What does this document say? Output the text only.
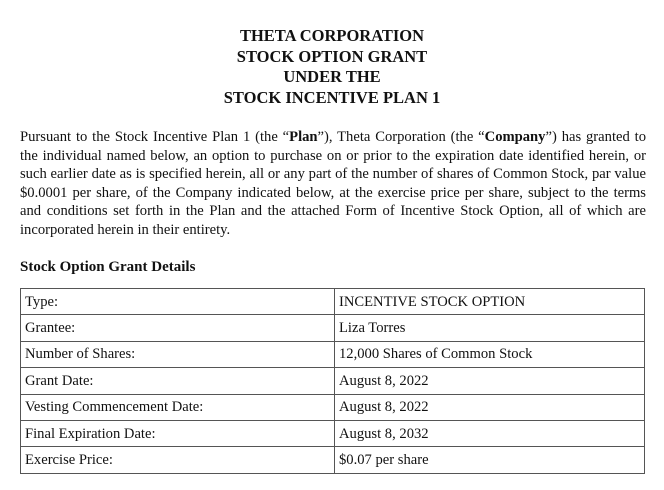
THETA CORPORATION
STOCK OPTION GRANT
UNDER THE
STOCK INCENTIVE PLAN 1

Pursuant to the Stock Incentive Plan 1 (the “Plan”), Theta Corporation (the “Company”) has granted to the individual named below, an option to purchase on or prior to the expiration date identified herein, or such earlier date as is specified herein, all or any part of the number of shares of Common Stock, par value $0.0001 per share, of the Company indicated below, at the exercise price per share, subject to the terms and conditions set forth in the Plan and the attached Form of Incentive Stock Option, all of which are incorporated herein in their entirety.

Stock Option Grant Details
Type:	INCENTIVE STOCK OPTION
Grantee:	Liza Torres
Number of Shares:	12,000 Shares of Common Stock
Grant Date:	August 8, 2022
Vesting Commencement Date:	August 8, 2022
Final Expiration Date:	August 8, 2032
Exercise Price:	$0.07 per share
